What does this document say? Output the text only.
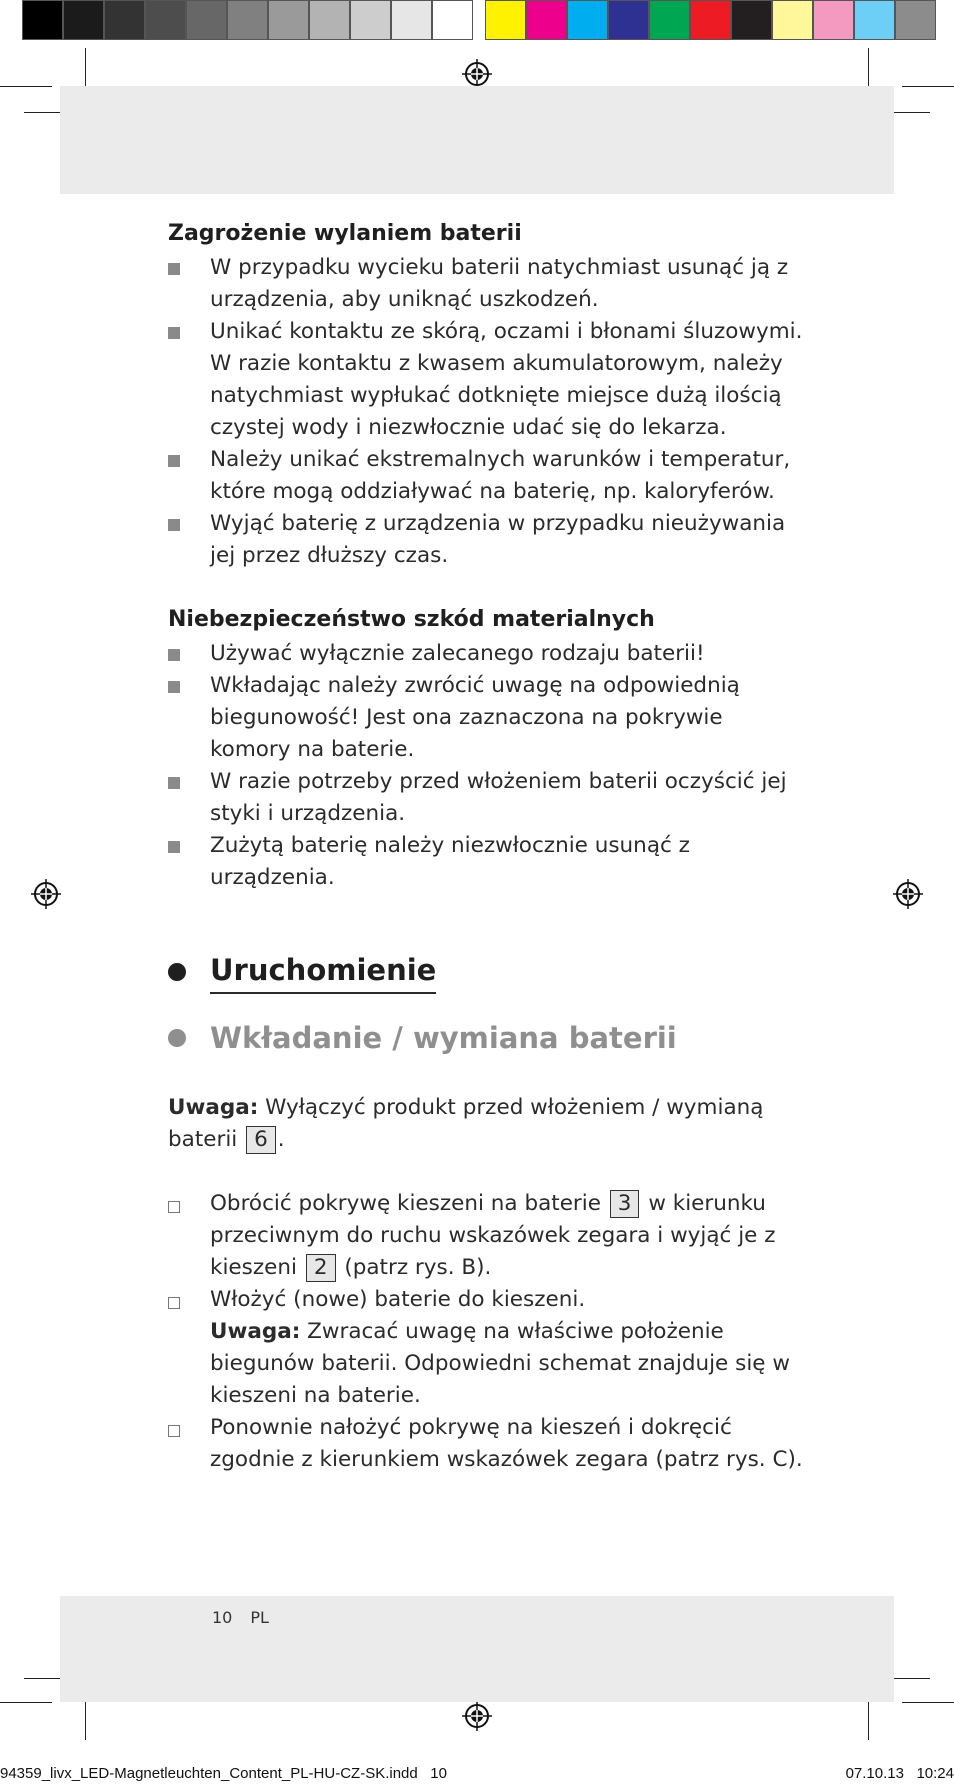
Zagrożenie wylaniem baterii
W przypadku wycieku baterii natychmiast usunąć ją z urządzenia, aby uniknąć uszkodzeń.
Unikać kontaktu ze skórą, oczami i błonami śluzowymi. W razie kontaktu z kwasem akumulatorowym, należy natychmiast wypłukać dotknięte miejsce dużą ilością czystej wody i niezwłocznie udać się do lekarza.
Należy unikać ekstremalnych warunków i temperatur, które mogą oddziaływać na baterię, np. kaloryferów.
Wyjąć baterię z urządzenia w przypadku nieużywania jej przez dłuższy czas.
Niebezpieczeństwo szkód materialnych
Używać wyłącznie zalecanego rodzaju baterii!
Wkładając należy zwrócić uwagę na odpowiednią biegunowość! Jest ona zaznaczona na pokrywie komory na baterie.
W razie potrzeby przed włożeniem baterii oczyścić jej styki i urządzenia.
Zużytą baterię należy niezwłocznie usunąć z urządzenia.
Uruchomienie
Wkładanie / wymiana baterii

Uwaga: Wyłączyć produkt przed włożeniem / wymianą baterii 6 .

Obrócić pokrywę kieszeni na baterie 3 w kierunku przeciwnym do ruchu wskazówek zegara i wyjąć je z kieszeni 2 (patrz rys. B).
Włożyć (nowe) baterie do kieszeni.
Uwaga: Zwracać uwagę na właściwe położenie biegunów baterii. Odpowiedni schemat znajduje się w kieszeni na baterie.
Ponownie nałożyć pokrywę na kieszeń i dokręcić zgodnie z kierunkiem wskazówek zegara (patrz rys. C).
10 PL
94359_livx_LED-Magnetleuchten_Content_PL-HU-CZ-SK.indd   10	07.10.13   10:24
